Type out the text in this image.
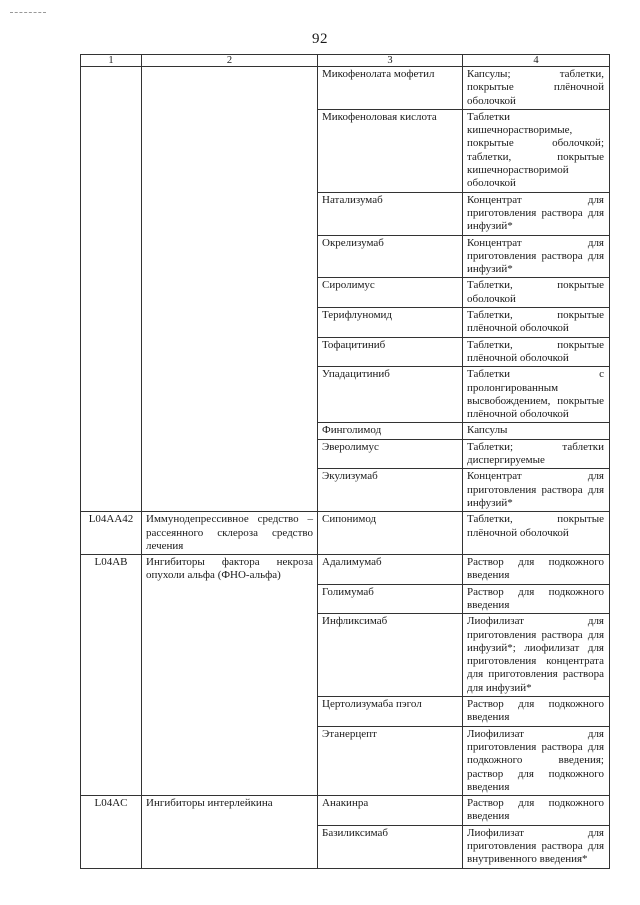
92
1	2	3	4
		Микофенолата мофетил	Капсулы; таблетки, покрытые плёночной оболочкой
		Микофеноловая кислота	Таблетки кишечнорастворимые, покрытые оболочкой; таблетки, покрытые кишечнорастворимой оболочкой
		Натализумаб	Концентрат для приготовления раствора для инфузий*
		Окрелизумаб	Концентрат для приготовления раствора для инфузий*
		Сиролимус	Таблетки, покрытые оболочкой
		Терифлуномид	Таблетки, покрытые плёночной оболочкой
		Тофацитиниб	Таблетки, покрытые плёночной оболочкой
		Упадацитиниб	Таблетки с пролонгированным высвобождением, покрытые плёночной оболочкой
		Финголимод	Капсулы
		Эверолимус	Таблетки; таблетки диспергируемые
		Экулизумаб	Концентрат для приготовления раствора для инфузий*
L04AA42	Иммунодепрессивное средство – рассеянного склероза средство лечения	Сипонимод	Таблетки, покрытые плёночной оболочкой
L04AB	Ингибиторы фактора некроза опухоли альфа (ФНО-альфа)	Адалимумаб	Раствор для подкожного введения
		Голимумаб	Раствор для подкожного введения
		Инфликсимаб	Лиофилизат для приготовления раствора для инфузий*; лиофилизат для приготовления концентрата для приготовления раствора для инфузий*
		Цертолизумаба пэгол	Раствор для подкожного введения
		Этанерцепт	Лиофилизат для приготовления раствора для подкожного введения; раствор для подкожного введения
L04AC	Ингибиторы интерлейкина	Анакинра	Раствор для подкожного введения
		Базиликсимаб	Лиофилизат для приготовления раствора для внутривенного введения*
